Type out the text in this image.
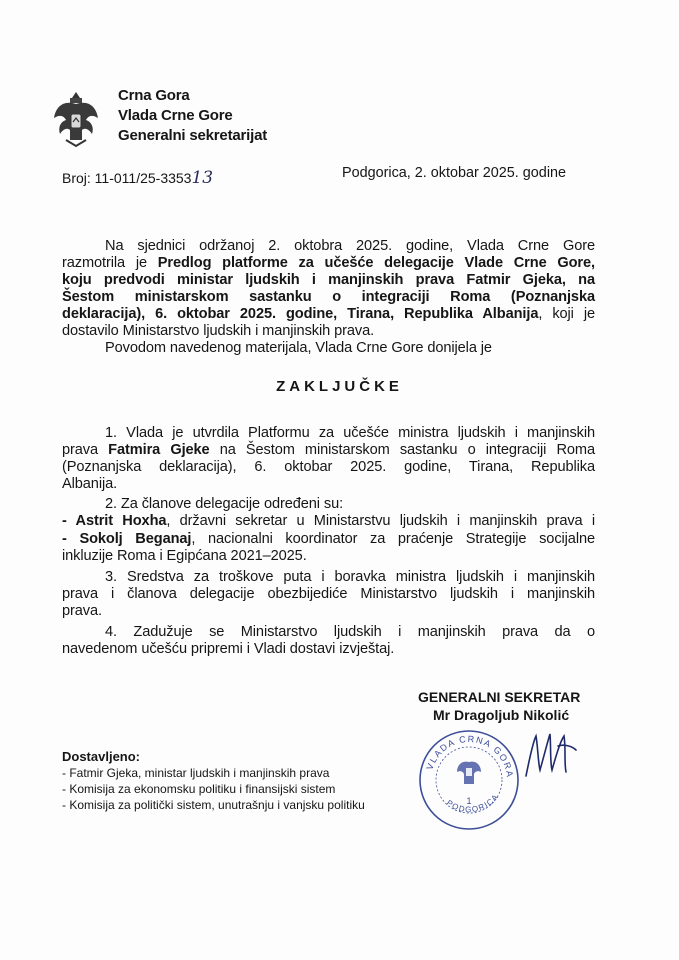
Crna Gora
Vlada Crne Gore
Generalni sekretarijat
Broj: 11-011/25-335313	Podgorica, 2. oktobar 2025. godine
Na sjednici održanoj 2. oktobra 2025. godine, Vlada Crne Gore
razmotrila je Predlog platforme za učešće delegacije Vlade Crne Gore,
koju predvodi ministar ljudskih i manjinskih prava Fatmir Gjeka, na
Šestom ministarskom sastanku o integraciji Roma (Poznanjska
deklaracija), 6. oktobar 2025. godine, Tirana, Republika Albanija, koji je
dostavilo Ministarstvo ljudskih i manjinskih prava.
Povodom navedenog materijala, Vlada Crne Gore donijela je
ZAKLJUČKE
1. Vlada je utvrdila Platformu za učešće ministra ljudskih i manjinskih
prava Fatmira Gjeke na Šestom ministarskom sastanku o integraciji Roma
(Poznanjska deklaracija), 6. oktobar 2025. godine, Tirana, Republika
Albanija.
2. Za članove delegacije određeni su:
- Astrit Hoxha, državni sekretar u Ministarstvu ljudskih i manjinskih prava i
- Sokolj Beganaj, nacionalni koordinator za praćenje Strategije socijalne
inkluzije Roma i Egipćana 2021–2025.
3. Sredstva za troškove puta i boravka ministra ljudskih i manjinskih
prava i članova delegacije obezbijediće Ministarstvo ljudskih i manjinskih
prava.
4. Zadužuje se Ministarstvo ljudskih i manjinskih prava da o
navedenom učešću pripremi i Vladi dostavi izvještaj.
GENERALNI SEKRETAR
Mr Dragoljub Nikolić
VLADA CRNA GORA
PODGORICA
1
Dostavljeno:
- Fatmir Gjeka, ministar ljudskih i manjinskih prava
- Komisija za ekonomsku politiku i finansijski sistem
- Komisija za politički sistem, unutrašnju i vanjsku politiku
